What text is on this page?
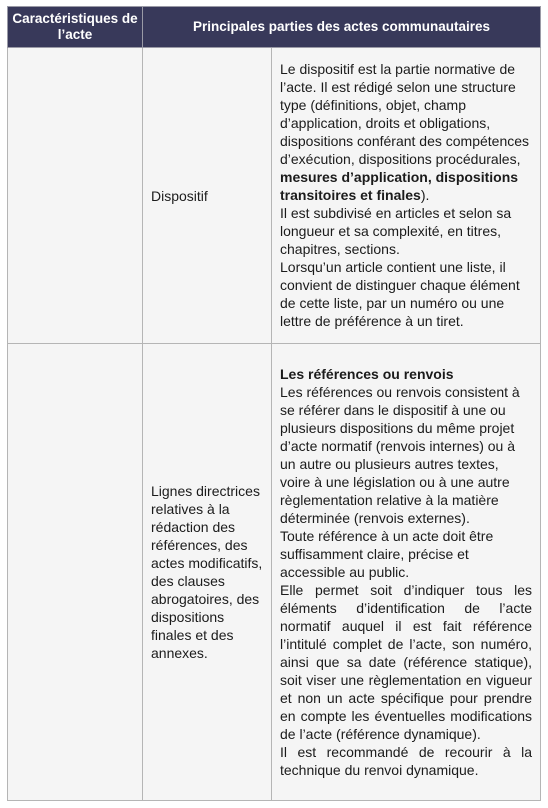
Caractéristiques de l’acte	Principales parties des actes communautaires	
	Dispositif	Le dispositif est la partie normative de l’acte. Il est rédigé selon une structure type (définitions, objet, champ d’application, droits et obligations, dispositions conférant des compétences d’exécution, dispositions procédurales, mesures d’application, dispositions transitoires et finales).
Il est subdivisé en articles et selon sa longueur et sa complexité, en titres, chapitres, sections.
Lorsqu’un article contient une liste, il convient de distinguer chaque élément de cette liste, par un numéro ou une lettre de préférence à un tiret.

	Lignes directrices relatives à la rédaction des références, des actes modificatifs, des clauses abrogatoires, des dispositions finales et des annexes.	Les références ou renvois
Les références ou renvois consistent à se référer dans le dispositif à une ou plusieurs dispositions du même projet d’acte normatif (renvois internes) ou à un autre ou plusieurs autres textes, voire à une législation ou à une autre règlementation relative à la matière déterminée (renvois externes).
Toute référence à un acte doit être suffisamment claire, précise et accessible au public.
Elle permet soit d’indiquer tous les éléments d’identification de l’acte normatif auquel il est fait référence l’intitulé complet de l’acte, son numéro, ainsi que sa date (référence statique), soit viser une règlementation en vigueur et non un acte spécifique pour prendre en compte les éventuelles modifications de l’acte (référence dynamique).
Il est recommandé de recourir à la technique du renvoi dynamique.
